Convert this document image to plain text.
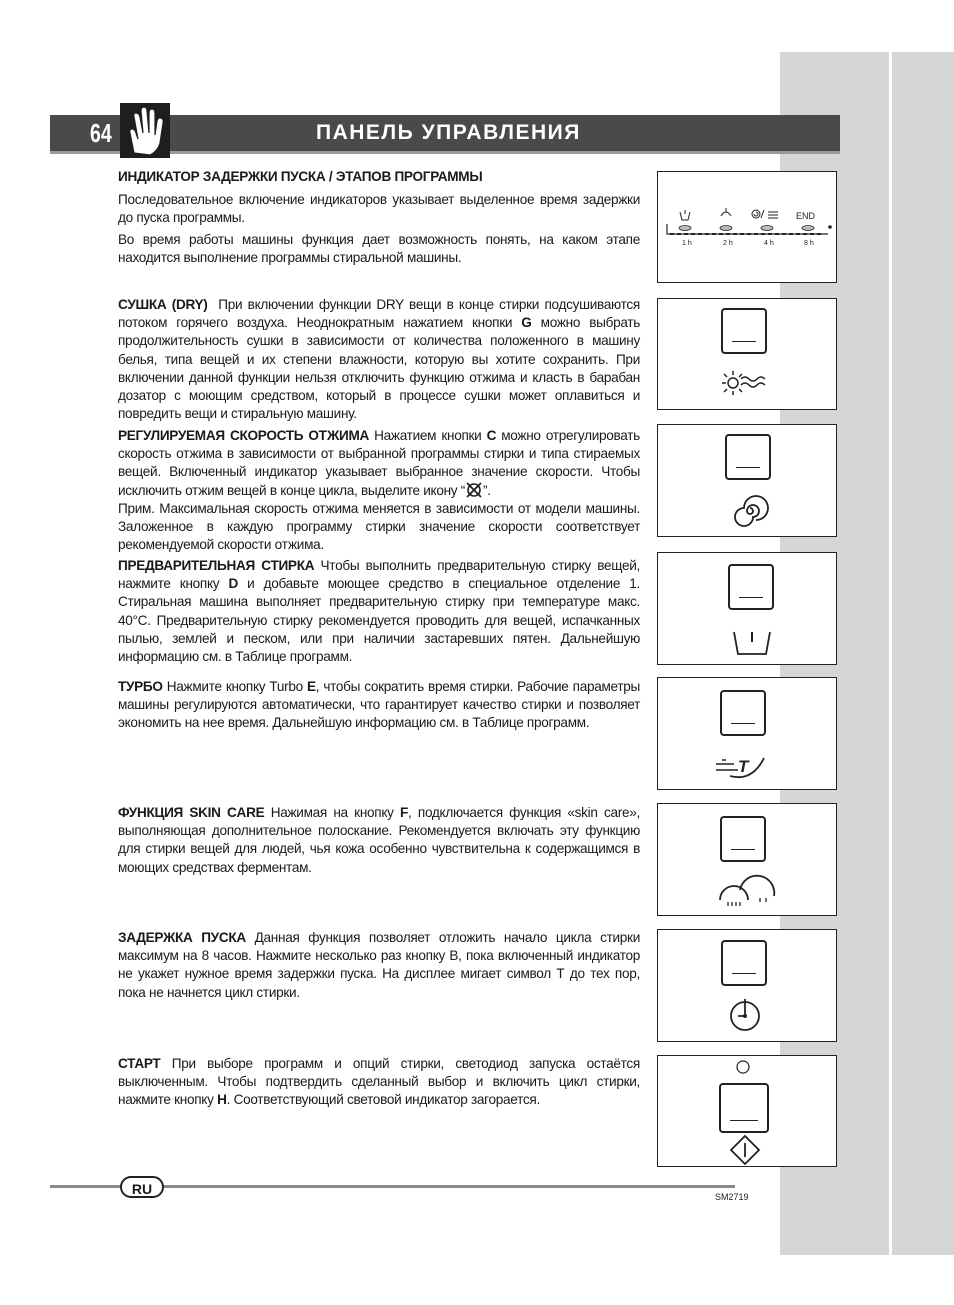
64	ПАНЕЛЬ УПРАВЛЕНИЯ

ИНДИКАТОР ЗАДЕРЖКИ ПУСКА / ЭТАПОВ ПРОГРАММЫ

Последовательное включение индикаторов указывает выделенное время задержки до пуска программы.

Во время работы машины функция дает возможность понять, на каком этапе находится выполнение программы стиральной машины.

СУШКА (DRY) При включении функции DRY вещи в конце стирки подсушиваются потоком горячего воздуха. Неоднократным нажатием кнопки G можно выбрать продолжительность сушки в зависимости от количества положенного в машину белья, типа вещей и их степени влажности, которую вы хотите сохранить. При включении данной функции нельзя отключить функцию отжима и класть в барабан дозатор с моющим средством, который в процессе сушки может оплавиться и повредить вещи и стиральную машину.

РЕГУЛИРУЕМАЯ СКОРОСТЬ ОТЖИМА Нажатием кнопки C можно отрегулировать скорость отжима в зависимости от выбранной программы стирки и типа стираемых вещей. Включенный индикатор указывает выбранное значение скорости. Чтобы исключить отжим вещей в конце цикла, выделите икону “ ”.
Прим. Максимальная скорость отжима меняется в зависимости от модели машины. Заложенное в каждую программу стирки значение скорости соответствует рекомендуемой скорости отжима.

ПРЕДВАРИТЕЛЬНАЯ СТИРКА Чтобы выполнить предварительную стирку вещей, нажмите кнопку D и добавьте моющее средство в специальное отделение 1. Стиральная машина выполняет предварительную стирку при температуре макс. 40°С. Предварительную стирку рекомендуется проводить для вещей, испачканных пылью, землей и песком, или при наличии застаревших пятен. Дальнейшую информацию см. в Таблице программ.

ТУРБО Нажмите кнопку Turbo E, чтобы сократить время стирки. Рабочие параметры машины регулируются автоматически, что гарантирует качество стирки и позволяет экономить на нее время. Дальнейшую информацию см. в Таблице программ.

ФУНКЦИЯ SKIN CARE Нажимая на кнопку F, подключается функция «skin care», выполняющая дополнительное полоскание. Рекомендуется включать эту функцию для стирки вещей для людей, чья кожа особенно чувствительна к содержащимся в моющих средствах ферментам.

ЗАДЕРЖКА ПУСКА Данная функция позволяет отложить начало цикла стирки максимум на 8 часов. Нажмите несколько раз кнопку В, пока включенный индикатор не укажет нужное время задержки пуска. На дисплее мигает символ Т до тех пор, пока не начнется цикл стирки.

СТАРТ При выборе программ и опций стирки, светодиод запуска остаётся выключенным. Чтобы подтвердить сделанный выбор и включить цикл стирки, нажмите кнопку H. Соответствующий световой индикатор загорается.

END
1 h	2 h	4 h	8 h
T
RU	SM2719
